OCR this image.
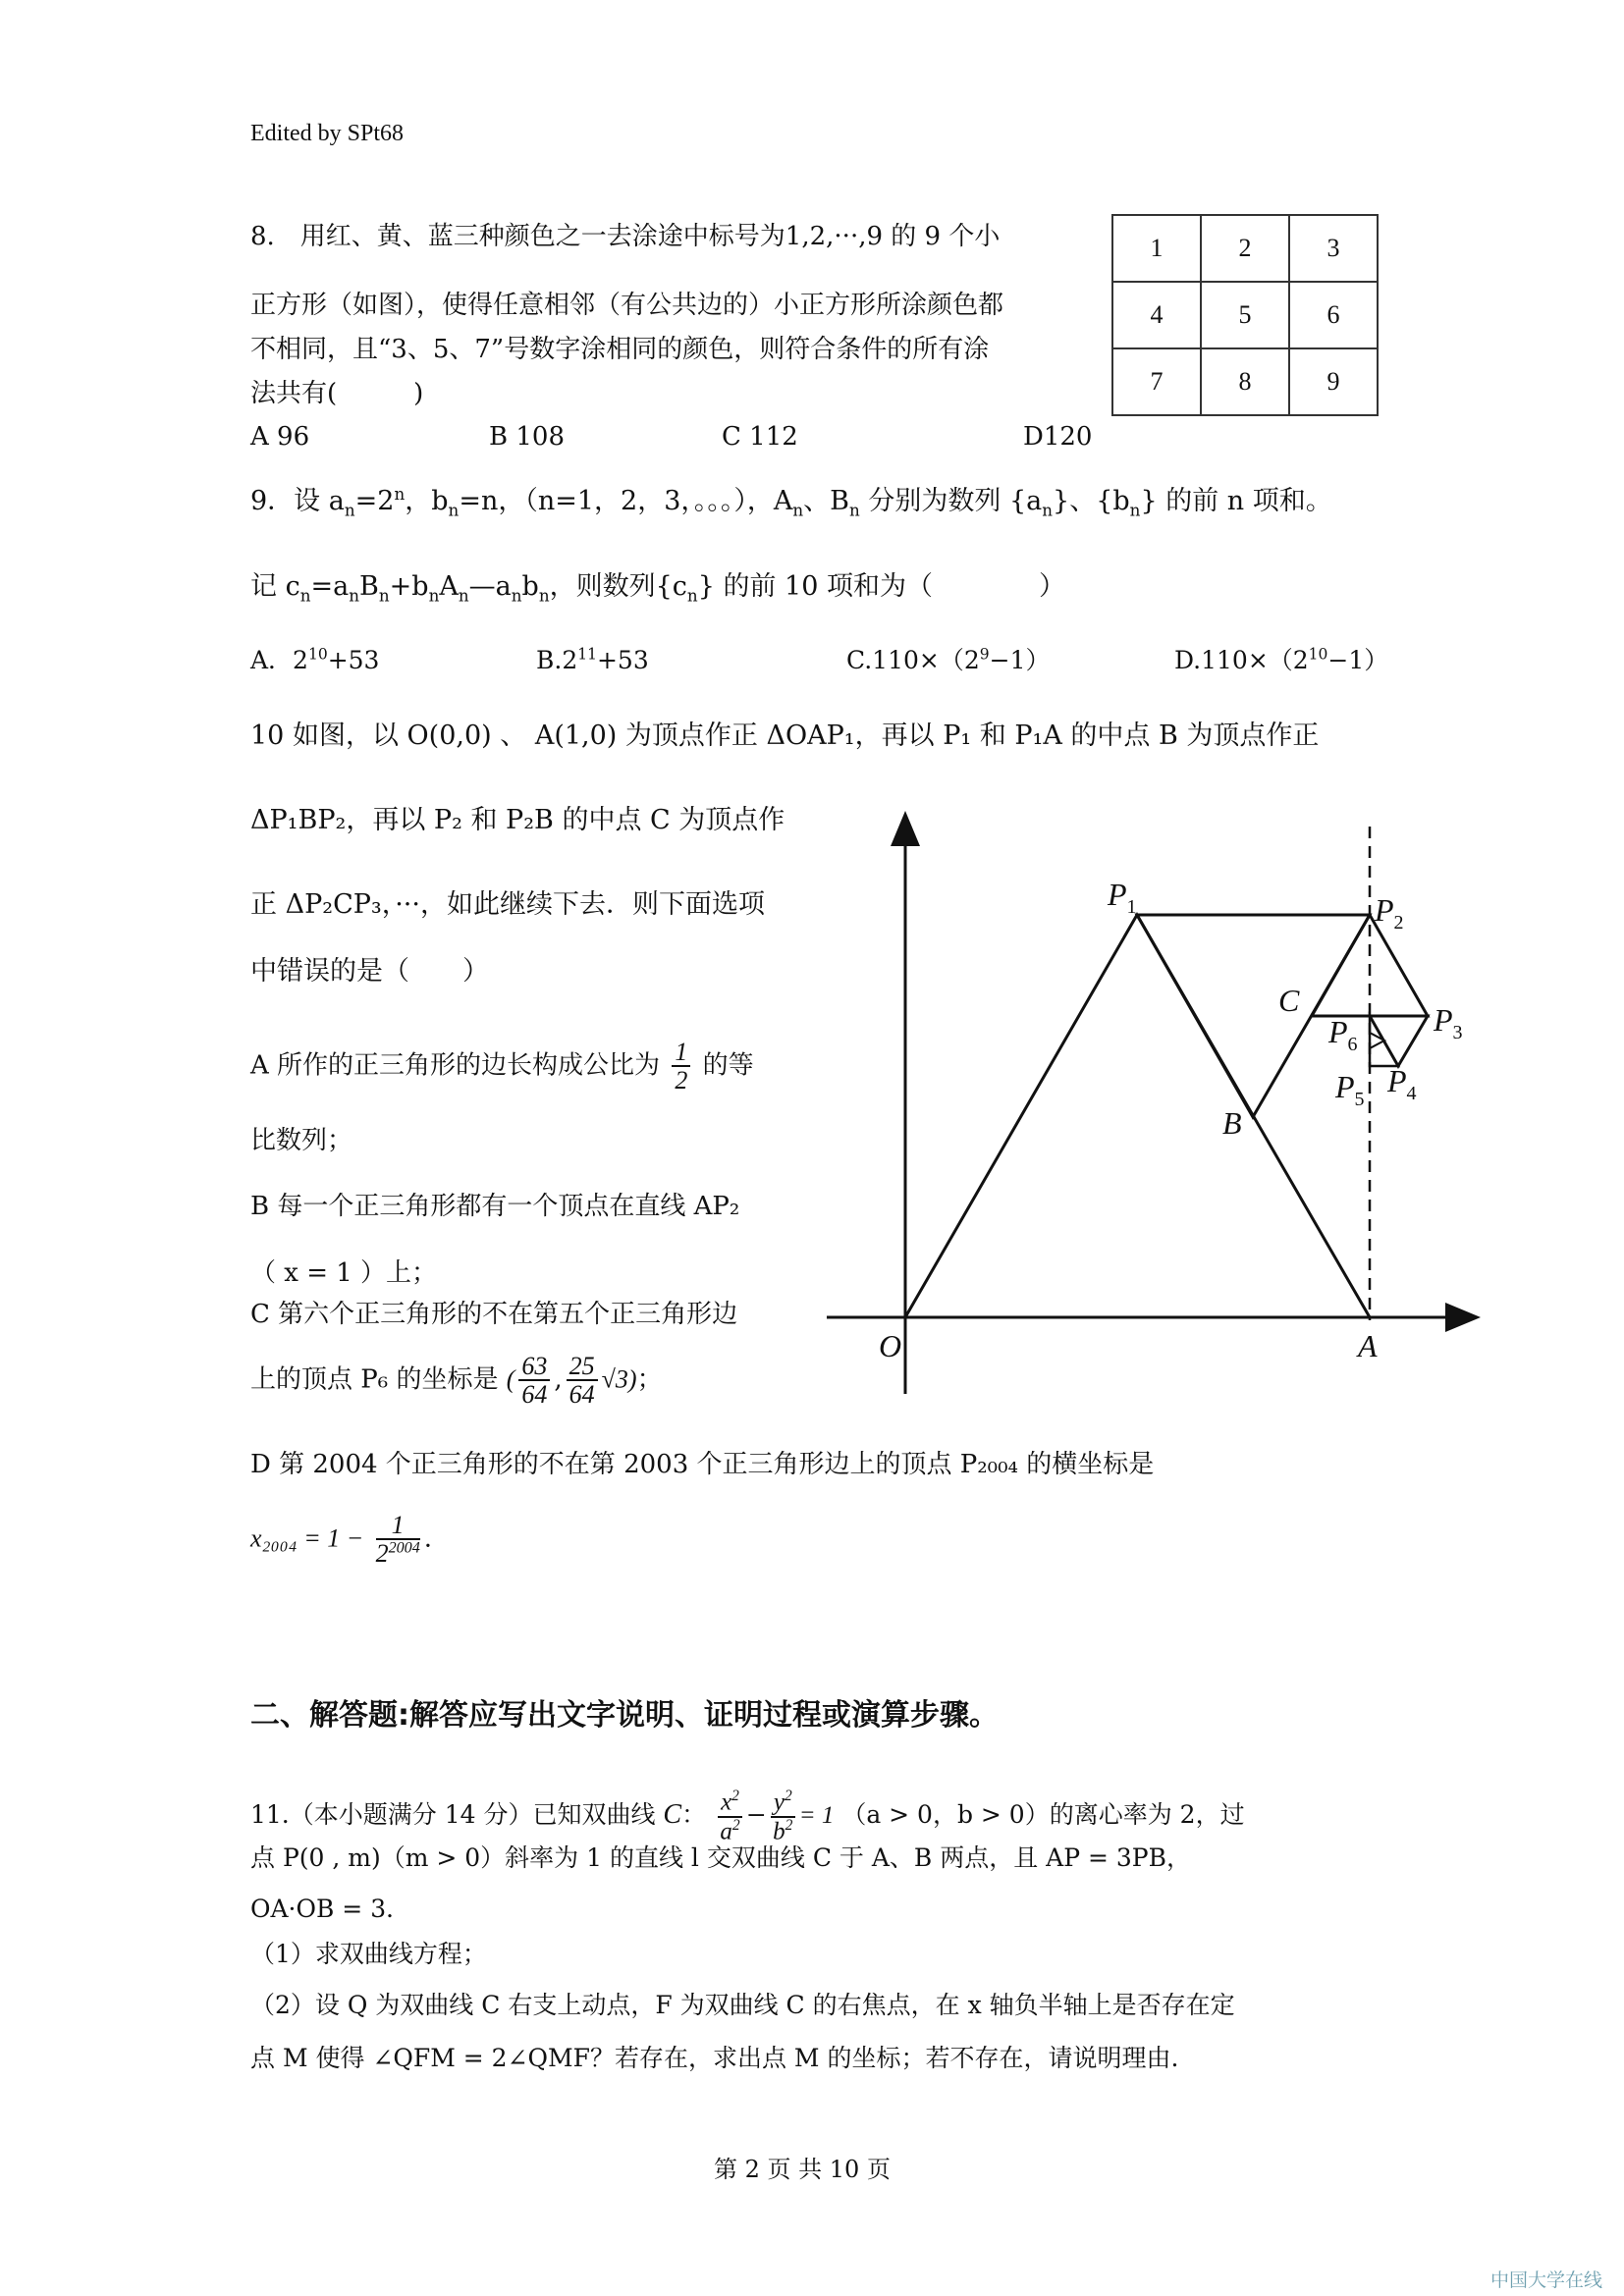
Edited by SPt68
8.　用红、黄、蓝三种颜色之一去涂途中标号为1,2,···,9 的 9 个小
正方形（如图），使得任意相邻（有公共边的）小正方形所涂颜色都
不相同，且“3、5、7”号数字涂相同的颜色，则符合条件的所有涂
法共有(　　　)
A 96	B 108	C 112	D120
1	2	3
4	5	6
7	8	9
9．设 $a_n=2^n$，$b_n=n$，（n=1，2，3，。。。），$A_n$、$B_n$ 分别为数列 $\{a_n\}$、$\{b_n\}$ 的前 n 项和。
记 $c_n=a_nB_n+b_nA_n—a_nb_n$，则数列$\{c_n\}$ 的前 10 项和为（　　　　）
A．$2^{10}+53$	$B.2^{11}+53$	$C.110\times(2^9-1)$	$D.110\times(2^{10}-1)$
10 如图，以 O(0,0) 、 A(1,0) 为顶点作正 ΔOAP₁，再以 P₁ 和 P₁A 的中点 B 为顶点作正
ΔP₁BP₂，再以 P₂ 和 P₂B 的中点 C 为顶点作
正 ΔP₂CP₃，···，如此继续下去．则下面选项
中错误的是（　　）
A 所作的正三角形的边长构成公比为 $\frac{1}{2}$ 的等
比数列；
B 每一个正三角形都有一个顶点在直线 AP₂
（ x = 1 ）上；
C 第六个正三角形的不在第五个正三角形边
上的顶点 P₆ 的坐标是 ( $\frac{63}{64}$ , $\frac{25}{64} √3$)；
D 第 2004 个正三角形的不在第 2003 个正三角形边上的顶点 P₂₀₀₄ 的横坐标是
$x_{2004} = 1 - \frac{1}{2^{2004}}$ .
O	A
B
C
$P_1$	$P_2$
$P_3$
$P_4$
$P_5$
$P_6$
二、解答题:解答应写出文字说明、证明过程或演算步骤。
11.（本小题满分 14 分）已知双曲线 C： $\frac{x^2}{a^2} - \frac{y^2}{b^2} = 1$ （a > 0，b > 0）的离心率为 2，过
点 P(0 , m)（m > 0）斜率为 1 的直线 l 交双曲线 C 于 A、B 两点，且 AP = 3PB，
OA·OB = 3．
（1）求双曲线方程；
（2）设 Q 为双曲线 C 右支上动点，F 为双曲线 C 的右焦点，在 x 轴负半轴上是否存在定
点 M 使得 ∠QFM = 2∠QMF？若存在，求出点 M 的坐标；若不存在，请说明理由.
第 2 页 共 10 页
中国大学在线
